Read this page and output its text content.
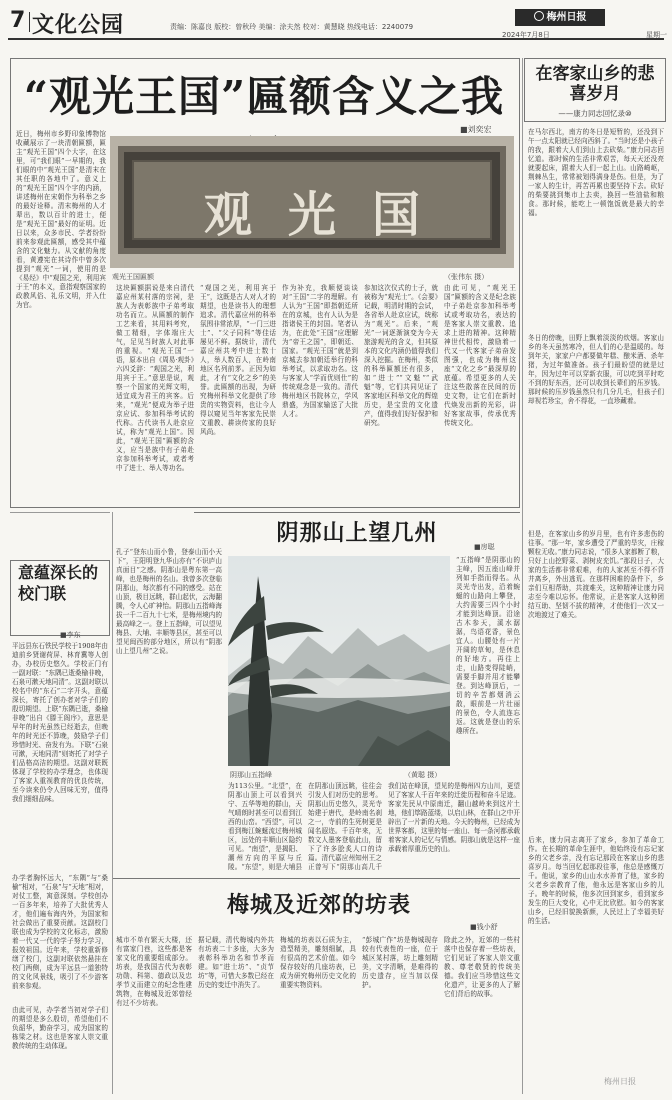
7 文化公园	责编：陈嘉良 版校：曾秋玲 美编：涂夫然 校对：黄慧晓 热线电话：2240079
梅州日报
2024年7月8日	星期一
“观光王国”匾额含义之我
■刘奕宏
观光国
观光王国匾额	（张伟东 摄）
近日，梅州市乡野印象博物馆收藏展示了一块清朝匾额，匾主“观光王国”四个大字，在这里，可“我们眼”一早期的，我们眼的中“观光王国”是清末在其任职的各地中了。意义上的“观光王国”四个字的内涵，讲述梅州在宋朝作为科举之乡的最好诠释。清末梅州的人才辈出，数以百计的进士，便是“观光王国”最好的证明。近日以来，众多市民、学者纷纷前来参观此匾额，感受其中蕴含的文化魅力。从文献的角度看，黄遵宪在其诗作中曾多次提到“观光”一词，使用的是《易经》中“观国之光，利用宾于王”的本义，意指观察国家的政教风俗、礼乐文明，并入仕为官。
这块匾额据说是来自清代嘉应州某村落的宗祠，是族人为表彰族中子弟考取功名而立。从匾额的制作工艺来看，其用料考究，做工精细，字体端庄大气，足见当时族人对此事的重视。“观光王国”一语，原本出自《周易·观卦》六四爻辞：“观国之光，利用宾于王。”意思是说，观察一个国家的光辉文明，适宜成为君王的宾客。后来，“观光”便成为举子进京应试、参加科举考试的代称。古代读书人赴京应试，称为“观光上国”。因此，“观光王国”匾额的含义，应当是族中有子弟赴京参加科举考试，或者考中了进士、举人等功名。
“观国之光，利用宾于王”，这既是古人对人才的期望，也是读书人的理想追求。清代嘉应州的科举氛围非常浓厚，“一门三进士”、“父子同科”等佳话屡见不鲜。据统计，清代嘉应州共考中进士数十人，举人数百人，在岭南地区名列前茅。正因为如此，才有“文化之乡”的美誉。此匾额的出现，为研究梅州科举文化提供了珍贵的实物资料，也让今人得以窥见当年客家先民崇文重教、耕读传家的良好风尚。
作为补充，我顺便谈谈对“王国”二字的理解。有人认为“王国”即指朝廷所在的京城，也有人认为是指诸侯王的封国。笔者认为，在此处“王国”应理解为“帝王之国”，即朝廷、国家。“观光王国”就是到京城去参加朝廷举行的科举考试，以求取功名。这与客家人“学而优则仕”的传统观念是一致的。清代梅州地区书院林立，学风鼎盛，为国家输送了大批人才。
参加这次仪式的士子，就被称为“观光士”。《会要》记载，明清时期的会试，各省举人赴京应试，统称为“观光”。后来，“观光”一词逐渐演变为今天旅游观光的含义，但其原本的文化内涵仍值得我们深入挖掘。在梅州，类似的科举匾额还有很多，如“进士”“文魁”“武魁”等，它们共同见证了客家地区科举文化的辉煌历史，是宝贵的文化遗产，值得我们好好保护和研究。
由此可见，“观光王国”匾额的含义是纪念族中子弟赴京参加科举考试或考取功名，表达的是客家人崇文重教、追求上进的精神。这种精神世代相传，激励着一代又一代客家子弟奋发图强，也成为梅州这座“文化之乡”最深厚的底蕴。希望更多的人关注这些散落在民间的历史文物，让它们在新时代焕发出新的光彩，讲好客家故事，传承优秀传统文化。
在客家山乡的悲喜岁月
——康力同志回忆录⑩
在马尔西北，南方的冬日是短暂的，还没到下午一点太阳就已经向西斜了。“当时还是小孩子的我，跟着大人们到山上去砍柴。”康力同志回忆道。那时候的生活非常艰苦，每天天还没亮就要起床，跟着大人们一起上山。山路崎岖，荆棘丛生，常常被划得满身是伤。但是，为了一家人的生计，再苦再累也要坚持下去。砍好的柴要挑到集市上去卖，换回一些油盐和粮食。那时候，能吃上一顿饱饭就是最大的幸福。
冬日的傍晚，田野上飘着淡淡的炊烟。客家山乡的冬天虽然寒冷，但人们的心是温暖的。每到年关，家家户户都要做年糕、酿米酒、杀年猪，为过年做准备。孩子们最盼望的就是过年，因为过年可以穿新衣服，可以吃到平时吃不到的好东西，还可以收到长辈们的压岁钱。那时候的压岁钱虽然只有几分几毛，但孩子们却视若珍宝，舍不得花，一直珍藏着。
但是，在客家山乡的岁月里，也有许多悲伤的往事。“那一年，家乡遭受了严重的旱灾，庄稼颗粒无收。”康力同志说，“很多人家都断了粮，只好上山挖野菜、剥树皮充饥。”那段日子，大家的生活都非常艰难，有的人家甚至不得不背井离乡，外出逃荒。在那样困难的条件下，乡亲们互相帮助，共渡难关，这种精神让康力同志至今难以忘怀。他常说，正是客家人这种团结互助、坚韧不拔的精神，才使他们一次又一次地渡过了难关。
后来，康力同志离开了家乡，参加了革命工作。在长期的革命生涯中，他始终没有忘记家乡的父老乡亲，没有忘记那段在客家山乡的悲喜岁月。每当回忆起那段往事，他总是感慨万千。他说，家乡的山山水水养育了他，家乡的父老乡亲教育了他，他永远是客家山乡的儿子。晚年的时候，他多次回到家乡，看到家乡发生的巨大变化，心中无比欣慰。如今的客家山乡，已经旧貌换新颜，人民过上了幸福美好的生活。
阴那山上望几州
■房聪
阴那山五指峰	（黄聪 摄）
孔子“登东山而小鲁，登泰山而小天下”，王阳明登九华山亦有“不识庐山真面目”之感。阴那山是粤东第一高峰，也是梅州的名山。我曾多次登临阴那山，每次都有不同的感受。站在山顶，极目远眺，群山起伏，云海翻腾，令人心旷神怡。阴那山五指峰海拔一千二百九十七米，是梅州境内的最高峰之一。登上五指峰，可以望见梅县、大埔、丰顺等县区，甚至可以望见闽西的部分地区，所以有“阴那山上望几州”之说。
“五指峰”是阴那山的主峰，因五座山峰并列如手指而得名。从灵光寺出发，沿着蜿蜒的山路向上攀登，大约需要三四个小时才能到达峰顶。沿途古木参天，溪水潺潺，鸟语花香，景色宜人。山腰处有一片开阔的草甸，是休息的好地方。再往上走，山路变得陡峭，需要手脚并用才能攀登。到达峰顶后，一切的辛苦都烟消云散，眼前是一片壮丽的景色，令人流连忘返。这就是登山的乐趣所在。
为113公里。“北望”，在阴那山顶上可以看到兴宁、五华等地的群山，天气晴朗时甚至可以看到江西的山峦。“西望”，可以看到梅江蜿蜒流过梅州城区，远处的丰顺山区隐约可见。“南望”，是揭阳、潮州方向的平原与丘陵。“东望”，则是大埔县
在阴那山顶远眺，往往会引发人们对历史的思考。阴那山历史悠久，灵光寺始建于唐代，是岭南名刹之一，寺前的生死树更是闻名遐迩。千百年来，无数文人墨客登临此山，留下了许多脍炙人口的诗篇。清代嘉应州知州王之正曾写下“阴那山高几千
我们站在峰顶，望见的是梅州四方山川，更望见了客家人千百年来的迁徙历程和奋斗足迹。客家先民从中原南迁，翻山越岭来到这片土地，他们筚路蓝缕，以启山林，在群山之中开辟出了一片新的天地。今天的梅州，已经成为世界客都，这里的每一座山、每一条河都承载着客家人的记忆与情感。阴那山就是这样一座承载着厚重历史的山。
意蕴深长的校门联
■李东
平远县东石铁民学校于1908年由迪前乡贤谢荷屏、林育冀等人创办，办校历史悠久。学校正门有一副对联：“东隅已逝桑榆非晚，石泉可漱天地同清”。这副对联以校名中的“东石”二字开头，意蕴深长，寄托了创办者对学子们的殷切期望。上联“东隅已逝，桑榆非晚”出自《滕王阁序》，意思是早年的时光虽然已经逝去，但晚年的时光还不算晚，鼓励学子们珍惜时光、奋发有为。下联“石泉可漱，天地同清”则寄托了对学子们品格高洁的期望。这副对联既体现了学校的办学理念，也体现了客家人重视教育的优良传统，至今读来仍令人回味无穷，值得我们细细品味。
办学者胸怀远大，“东隅”与“桑榆”相对，“石泉”与“天地”相对，对仗工整，寓意深刻。学校创办一百多年来，培养了大批优秀人才，他们遍布海内外，为国家和社会做出了重要贡献。这副校门联也成为学校的文化标志，激励着一代又一代的学子努力学习，报效祖国。近年来，学校重新修缮了校门，这副对联依然悬挂在校门两侧，成为平远县一道独特的文化风景线，吸引了不少游客前来参观。
由此可见，办学者当初对学子们的期望是多么殷切，希望他们不负韶华，勤奋学习，成为国家的栋梁之材。这也是客家人崇文重教传统的生动体现。
梅城及近郊的坊表
■钱小舒
城市不单有繁天大楼，还有富家门巷，这些都是客家文化的重要组成部分。坊表，是我国古代为表彰功勋、科第、德政以及忠孝节义而建立的纪念性建筑物，在梅城及近郊曾经有过不少坊表。
据记载，清代梅城内外共有坊表二十多座，大多为表彰科举功名和节孝而建。如“进士坊”、“贞节坊”等，可惜大多数已经在历史的变迁中消失了。
梅城的坊表以石质为主，造型精美，雕刻细腻，具有很高的艺术价值。如今保存较好的几座坊表，已成为研究梅州历史文化的重要实物资料。
“彭城广作”坊是梅城现存较有代表性的一座，位于城区某村落，坊上雕刻精美，文字清晰，是难得的历史遗存，应当加以保护。
除此之外，近郊的一些村落中也保存着一些坊表，它们见证了客家人崇文重教、尊老敬贤的传统美德。我们应当珍惜这些文化遗产，让更多的人了解它们背后的故事。
梅州日报
